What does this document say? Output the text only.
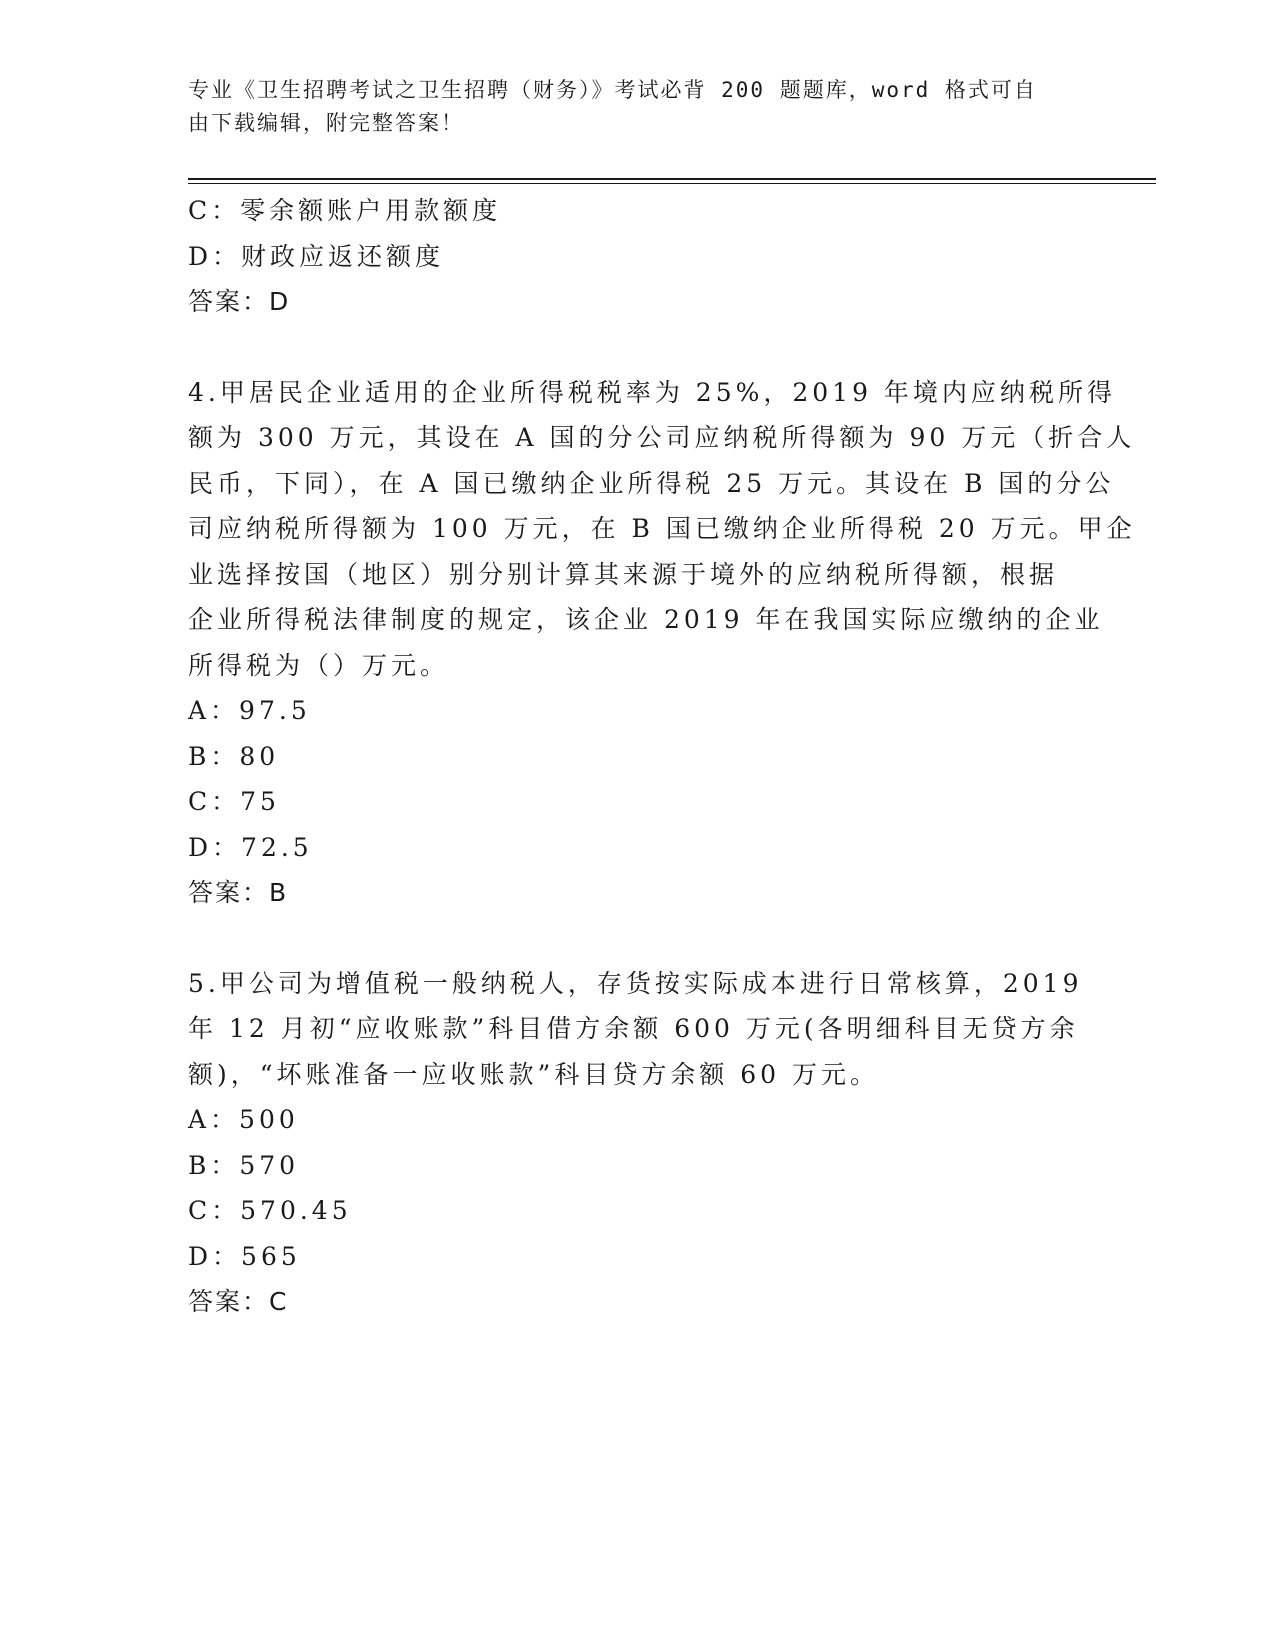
专业《卫生招聘考试之卫生招聘（财务）》考试必背 200 题题库，word 格式可自
由下载编辑，附完整答案！
C：零余额账户用款额度
D：财政应返还额度
答案：D
4.甲居民企业适用的企业所得税税率为 25%，2019 年境内应纳税所得
额为 300 万元，其设在 A 国的分公司应纳税所得额为 90 万元（折合人
民币，下同），在 A 国已缴纳企业所得税 25 万元。其设在 B 国的分公
司应纳税所得额为 100 万元，在 B 国已缴纳企业所得税 20 万元。甲企
业选择按国（地区）别分别计算其来源于境外的应纳税所得额，根据
企业所得税法律制度的规定，该企业 2019 年在我国实际应缴纳的企业
所得税为（）万元。
A：97.5
B：80
C：75
D：72.5
答案：B
5.甲公司为增值税一般纳税人，存货按实际成本进行日常核算，2019
年 12 月初“应收账款”科目借方余额 600 万元(各明细科目无贷方余
额)，“坏账准备一应收账款”科目贷方余额 60 万元。
A：500
B：570
C：570.45
D：565
答案：C
